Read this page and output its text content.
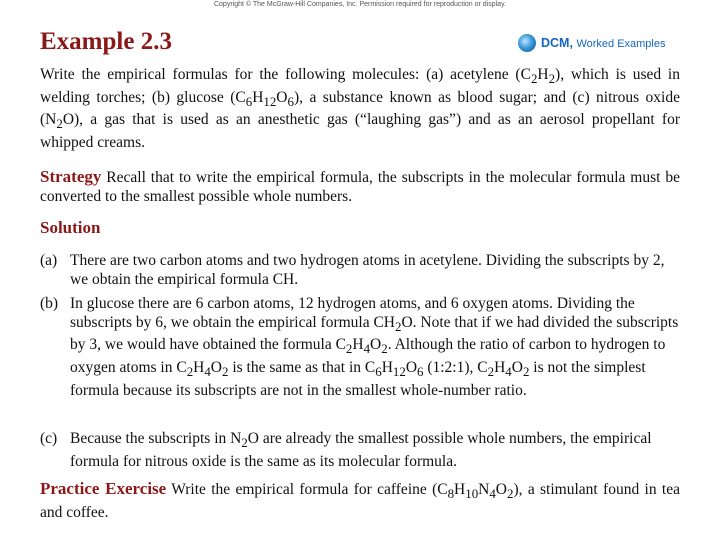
Copyright © The McGraw-Hill Companies, Inc. Permission required for reproduction or display.
Example 2.3	DCM, Worked Examples
Write the empirical formulas for the following molecules: (a) acetylene $(C_2H_2)$, which is used in welding torches; (b) glucose $(C_6H_{12}O_6)$, a substance known as blood sugar; and (c) nitrous oxide $(N_2O)$, a gas that is used as an anesthetic gas (“laughing gas”) and as an aerosol propellant for whipped creams.
Strategy Recall that to write the empirical formula, the subscripts in the molecular formula must be converted to the smallest possible whole numbers.
Solution
(a) There are two carbon atoms and two hydrogen atoms in acetylene. Dividing the subscripts by 2, we obtain the empirical formula CH.
(b) In glucose there are 6 carbon atoms, 12 hydrogen atoms, and 6 oxygen atoms. Dividing the subscripts by 6, we obtain the empirical formula $CH_2O$. Note that if we had divided the subscripts by 3, we would have obtained the formula $C_2H_4O_2$. Although the ratio of carbon to hydrogen to oxygen atoms in $C_2H_4O_2$ is the same as that in $C_6H_{12}O_6$ (1:2:1), $C_2H_4O_2$ is not the simplest formula because its subscripts are not in the smallest whole-number ratio.
(c) Because the subscripts in $N_2O$ are already the smallest possible whole numbers, the empirical formula for nitrous oxide is the same as its molecular formula.
Practice Exercise Write the empirical formula for caffeine $(C_8H_{10}N_4O_2)$, a stimulant found in tea and coffee.
